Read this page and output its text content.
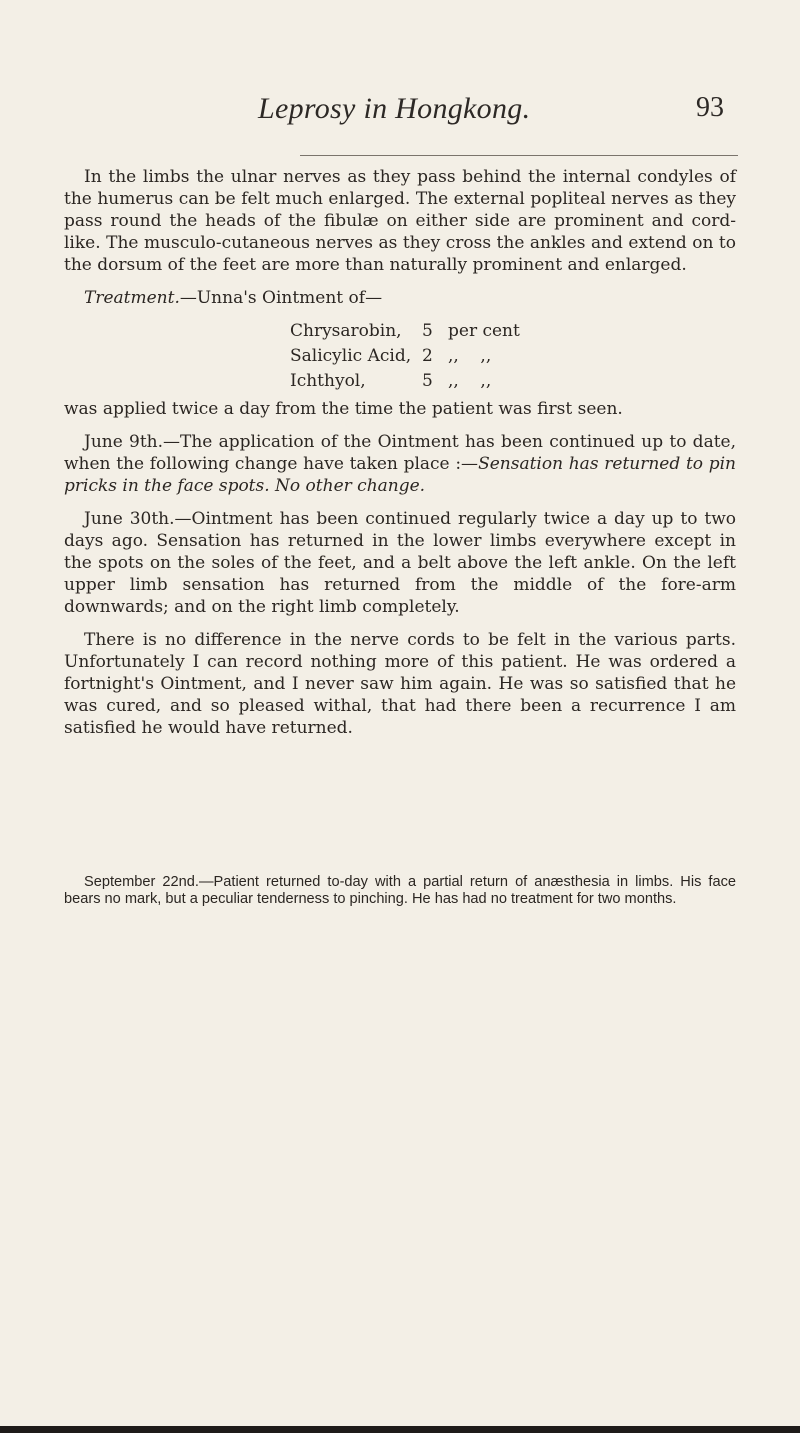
Leprosy in Hongkong.	93

In the limbs the ulnar nerves as they pass behind the internal condyles of the humerus can be felt much enlarged. The external popliteal nerves as they pass round the heads of the fibulæ on either side are prominent and cord-like. The musculo-cutaneous nerves as they cross the ankles and extend on to the dorsum of the feet are more than naturally prominent and enlarged.

Treatment.—Unna's Ointment of—

Chrysarobin,	5 per cent
Salicylic Acid, 2 ,,    ,,
Ichthyol,	5 ,,    ,,

was applied twice a day from the time the patient was first seen.

June 9th.—The application of the Ointment has been continued up to date, when the following change have taken place :—Sensation has returned to pin pricks in the face spots. No other change.

June 30th.—Ointment has been continued regularly twice a day up to two days ago. Sensation has returned in the lower limbs everywhere except in the spots on the soles of the feet, and a belt above the left ankle. On the left upper limb sensation has returned from the middle of the fore-arm downwards; and on the right limb completely.

There is no difference in the nerve cords to be felt in the various parts. Unfortunately I can record nothing more of this patient. He was ordered a fortnight's Ointment, and I never saw him again. He was so satisfied that he was cured, and so pleased withal, that had there been a recurrence I am satisfied he would have returned.

September 22nd.—Patient returned to-day with a partial return of anæsthesia in limbs. His face bears no mark, but a peculiar tenderness to pinching. He has had no treatment for two months.
